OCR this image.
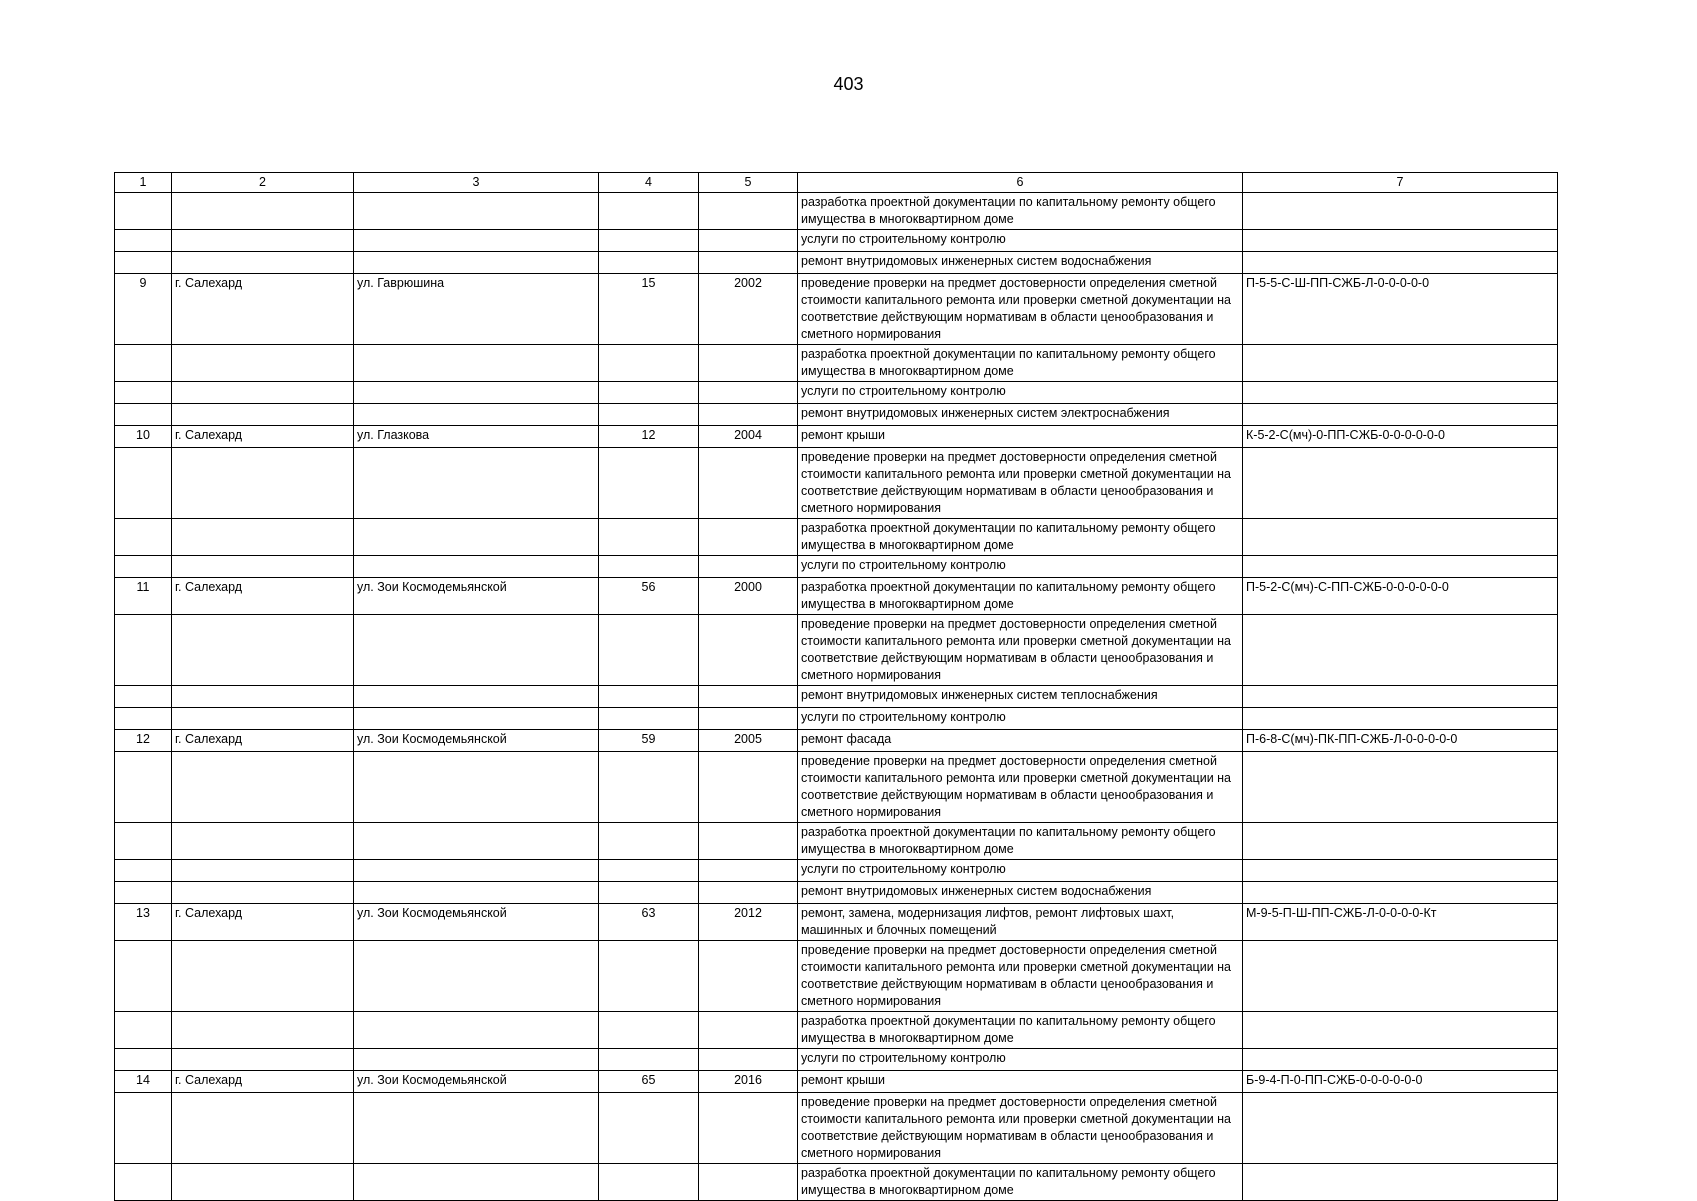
403
1	2	3	4	5	6	7
					разработка проектной документации по капитальному ремонту общего имущества в многоквартирном доме	
					услуги по строительному контролю	
					ремонт внутридомовых инженерных систем водоснабжения	
9	г. Салехард	ул. Гаврюшина	15	2002	проведение проверки на предмет достоверности определения сметной стоимости капитального ремонта или проверки сметной документации на соответствие действующим нормативам в области ценообразования и сметного нормирования	П-5-5-С-Ш-ПП-СЖБ-Л-0-0-0-0-0
					разработка проектной документации по капитальному ремонту общего имущества в многоквартирном доме	
					услуги по строительному контролю	
					ремонт внутридомовых инженерных систем электроснабжения	
10	г. Салехард	ул. Глазкова	12	2004	ремонт крыши	К-5-2-С(мч)-0-ПП-СЖБ-0-0-0-0-0-0
					проведение проверки на предмет достоверности определения сметной стоимости капитального ремонта или проверки сметной документации на соответствие действующим нормативам в области ценообразования и сметного нормирования	
					разработка проектной документации по капитальному ремонту общего имущества в многоквартирном доме	
					услуги по строительному контролю	
11	г. Салехард	ул. Зои Космодемьянской	56	2000	разработка проектной документации по капитальному ремонту общего имущества в многоквартирном доме	П-5-2-С(мч)-С-ПП-СЖБ-0-0-0-0-0-0
					проведение проверки на предмет достоверности определения сметной стоимости капитального ремонта или проверки сметной документации на соответствие действующим нормативам в области ценообразования и сметного нормирования	
					ремонт внутридомовых инженерных систем теплоснабжения	
					услуги по строительному контролю	
12	г. Салехард	ул. Зои Космодемьянской	59	2005	ремонт фасада	П-6-8-С(мч)-ПК-ПП-СЖБ-Л-0-0-0-0-0
					проведение проверки на предмет достоверности определения сметной стоимости капитального ремонта или проверки сметной документации на соответствие действующим нормативам в области ценообразования и сметного нормирования	
					разработка проектной документации по капитальному ремонту общего имущества в многоквартирном доме	
					услуги по строительному контролю	
					ремонт внутридомовых инженерных систем водоснабжения	
13	г. Салехард	ул. Зои Космодемьянской	63	2012	ремонт, замена, модернизация лифтов, ремонт лифтовых шахт, машинных и блочных помещений	М-9-5-П-Ш-ПП-СЖБ-Л-0-0-0-0-Кт
					проведение проверки на предмет достоверности определения сметной стоимости капитального ремонта или проверки сметной документации на соответствие действующим нормативам в области ценообразования и сметного нормирования	
					разработка проектной документации по капитальному ремонту общего имущества в многоквартирном доме	
					услуги по строительному контролю	
14	г. Салехард	ул. Зои Космодемьянской	65	2016	ремонт крыши	Б-9-4-П-0-ПП-СЖБ-0-0-0-0-0-0
					проведение проверки на предмет достоверности определения сметной стоимости капитального ремонта или проверки сметной документации на соответствие действующим нормативам в области ценообразования и сметного нормирования	
					разработка проектной документации по капитальному ремонту общего имущества в многоквартирном доме	
